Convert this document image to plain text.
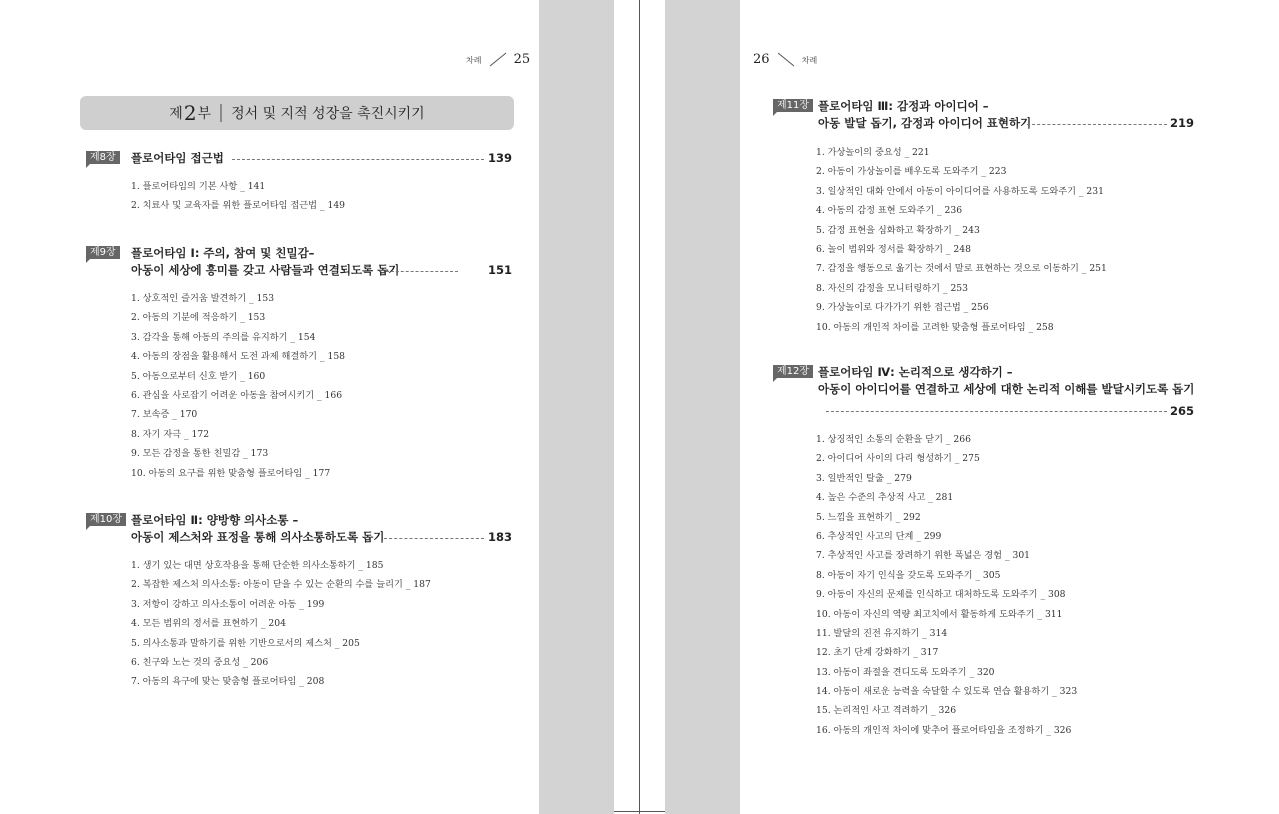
차례 25
제 2 부 정서 및 지적 성장을 촉진시키기
제8장	플로어타임 접근법	139
1. 플로어타임의 기본 사항 _ 141
2. 치료사 및 교육자를 위한 플로어타임 접근법 _ 149
제9장	플로어타임 Ⅰ: 주의, 참여 및 친밀감–
아동이 세상에 흥미를 갖고 사람들과 연결되도록 돕기	151
1. 상호적인 즐거움 발견하기 _ 153
2. 아동의 기분에 적응하기 _ 153
3. 감각을 통해 아동의 주의를 유지하기 _ 154
4. 아동의 장점을 활용해서 도전 과제 해결하기 _ 158
5. 아동으로부터 신호 받기 _ 160
6. 관심을 사로잡기 어려운 아동을 참여시키기 _ 166
7. 보속증 _ 170
8. 자기 자극 _ 172
9. 모든 감정을 통한 친밀감 _ 173
10. 아동의 요구를 위한 맞춤형 플로어타임 _ 177
제10장 플로어타임 Ⅱ: 양방향 의사소통 –
아동이 제스처와 표정을 통해 의사소통하도록 돕기	183
1. 생기 있는 대면 상호작용을 통해 단순한 의사소통하기 _ 185
2. 복잡한 제스처 의사소통: 아동이 닫을 수 있는 순환의 수를 늘리기 _ 187
3. 저항이 강하고 의사소통이 어려운 아동 _ 199
4. 모든 범위의 정서를 표현하기 _ 204
5. 의사소통과 말하기를 위한 기반으로서의 제스처 _ 205
6. 친구와 노는 것의 중요성 _ 206
7. 아동의 욕구에 맞는 맞춤형 플로어타임 _ 208
26	차례
제11장 플로어타임 Ⅲ: 감정과 아이디어 –
아동 발달 돕기, 감정과 아이디어 표현하기	219
1. 가상놀이의 중요성 _ 221
2. 아동이 가상놀이를 배우도록 도와주기 _ 223
3. 일상적인 대화 안에서 아동이 아이디어를 사용하도록 도와주기 _ 231
4. 아동의 감정 표현 도와주기 _ 236
5. 감정 표현을 심화하고 확장하기 _ 243
6. 놀이 범위와 정서를 확장하기 _ 248
7. 감정을 행동으로 옮기는 것에서 말로 표현하는 것으로 이동하기 _ 251
8. 자신의 감정을 모니터링하기 _ 253
9. 가상놀이로 다가가기 위한 접근법 _ 256
10. 아동의 개인적 차이를 고려한 맞춤형 플로어타임 _ 258
제12장 플로어타임 Ⅳ: 논리적으로 생각하기 –
아동이 아이디어를 연결하고 세상에 대한 논리적 이해를 발달시키도록 돕기
265
1. 상징적인 소통의 순환을 닫기 _ 266
2. 아이디어 사이의 다리 형성하기 _ 275
3. 일반적인 탈출 _ 279
4. 높은 수준의 추상적 사고 _ 281
5. 느낌을 표현하기 _ 292
6. 추상적인 사고의 단계 _ 299
7. 추상적인 사고를 장려하기 위한 폭넓은 경험 _ 301
8. 아동이 자기 인식을 갖도록 도와주기 _ 305
9. 아동이 자신의 문제를 인식하고 대처하도록 도와주기 _ 308
10. 아동이 자신의 역량 최고치에서 활동하게 도와주기 _ 311
11. 발달의 진전 유지하기 _ 314
12. 초기 단계 강화하기 _ 317
13. 아동이 좌절을 견디도록 도와주기 _ 320
14. 아동이 새로운 능력을 숙달할 수 있도록 연습 활용하기 _ 323
15. 논리적인 사고 격려하기 _ 326
16. 아동의 개인적 차이에 맞추어 플로어타임을 조정하기 _ 326
